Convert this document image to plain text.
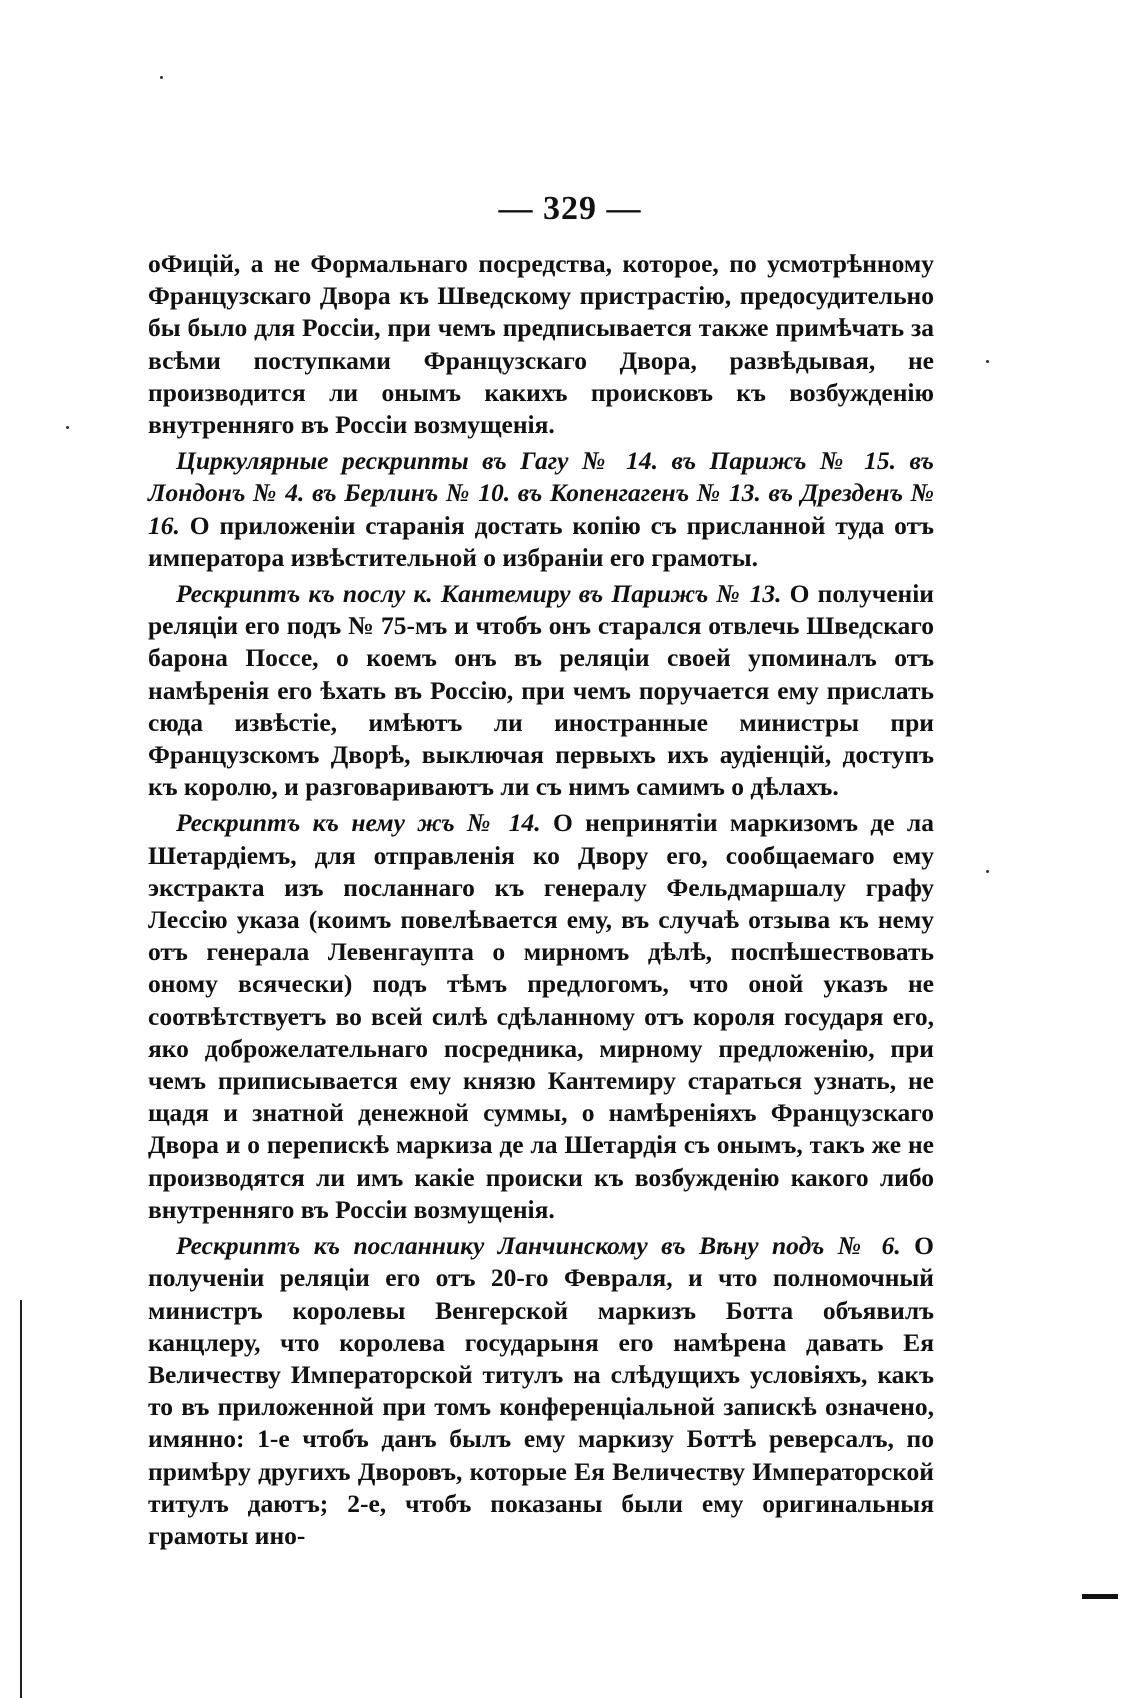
— 329 —

оФицій, а не Формальнаго посредства, которое, по усмотрѣнному Французскаго Двора къ Шведскому пристрастію, предосудительно бы было для Россіи, при чемъ предписывается также примѣчать за всѣми поступками Французскаго Двора, развѣдывая, не производится ли онымъ какихъ происковъ къ возбужденію внутренняго въ Россіи возмущенія.

Циркулярные рескрипты въ Гагу № 14. въ Парижъ № 15. въ Лондонъ № 4. въ Берлинъ № 10. въ Копенгагенъ № 13. въ Дрезденъ № 16. О приложеніи старанія достать копію съ присланной туда отъ императора извѣстительной о избраніи его грамоты.

Рескриптъ къ послу к. Кантемиру въ Парижъ № 13. О полученіи реляціи его подъ № 75-мъ и чтобъ онъ старался отвлечь Шведскаго барона Поссе, о коемъ онъ въ реляціи своей упоминалъ отъ намѣренія его ѣхать въ Россію, при чемъ поручается ему прислать сюда извѣстіе, имѣютъ ли иностранные министры при Французскомъ Дворѣ, выключая первыхъ ихъ аудіенцій, доступъ къ королю, и разговариваютъ ли съ нимъ самимъ о дѣлахъ.

Рескриптъ къ нему жъ № 14. О непринятіи маркизомъ де ла Шетардіемъ, для отправленія ко Двору его, сообщаемаго ему экстракта изъ посланнаго къ генералу Фельдмаршалу графу Лессію указа (коимъ повелѣвается ему, въ случаѣ отзыва къ нему отъ генерала Левенгаупта о мирномъ дѣлѣ, поспѣшествовать оному всячески) подъ тѣмъ предлогомъ, что оной указъ не соотвѣтствуетъ во всей силѣ сдѣланному отъ короля государя его, яко доброжелательнаго посредника, мирному предложенію, при чемъ приписывается ему князю Кантемиру стараться узнать, не щадя и знатной денежной суммы, о намѣреніяхъ Французскаго Двора и о перепискѣ маркиза де ла Шетардія съ онымъ, такъ же не производятся ли имъ какіе происки къ возбужденію какого либо внутренняго въ Россіи возмущенія.

Рескриптъ къ посланнику Ланчинскому въ Вѣну подъ № 6. О полученіи реляціи его отъ 20-го Февраля, и что полномочный министръ королевы Венгерской маркизъ Ботта объявилъ канцлеру, что королева государыня его намѣрена давать Ея Величеству Императорской титулъ на слѣдущихъ условіяхъ, какъ то въ приложенной при томъ конференціальной запискѣ означено, имянно: 1-е чтобъ данъ былъ ему маркизу Боттѣ реверсалъ, по примѣру другихъ Дворовъ, которые Ея Величеству Императорской титулъ даютъ; 2-е, чтобъ показаны были ему оригинальныя грамоты ино-
